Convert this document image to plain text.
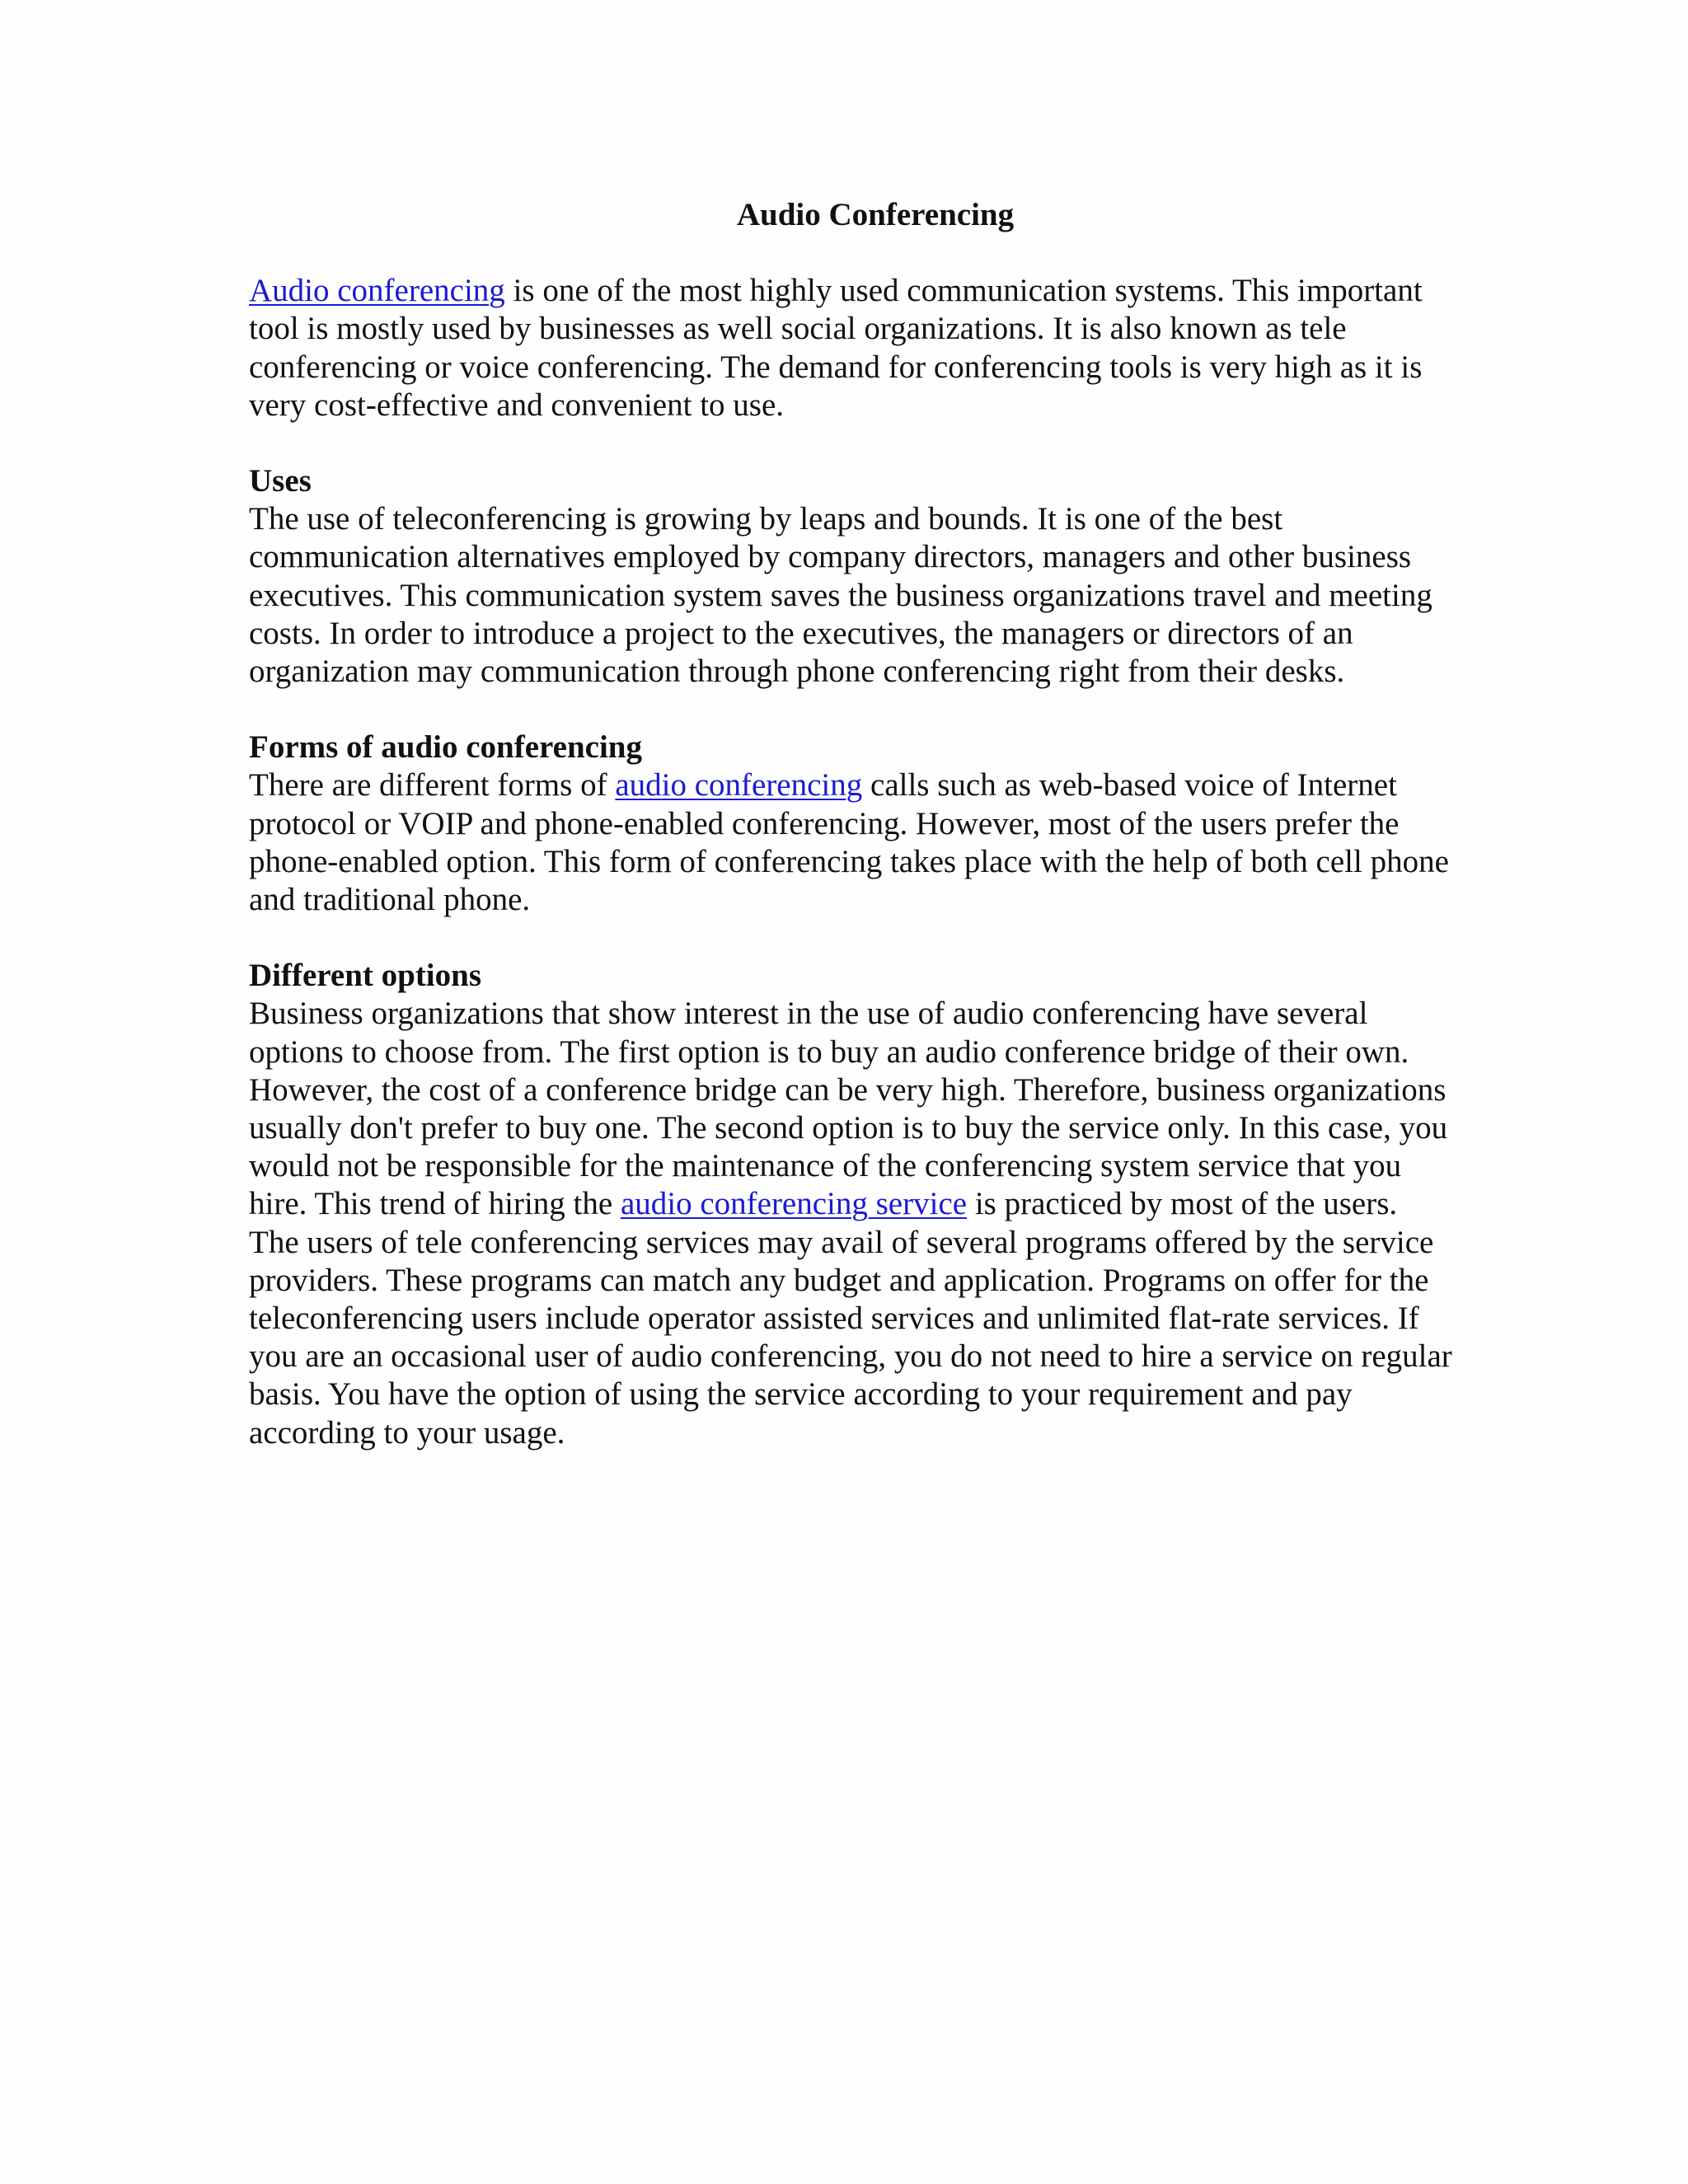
Audio Conferencing

Audio conferencing is one of the most highly used communication systems. This important tool is mostly used by businesses as well social organizations. It is also known as tele conferencing or voice conferencing. The demand for conferencing tools is very high as it is very cost-effective and convenient to use.

Uses

The use of teleconferencing is growing by leaps and bounds. It is one of the best communication alternatives employed by company directors, managers and other business executives. This communication system saves the business organizations travel and meeting costs. In order to introduce a project to the executives, the managers or directors of an organization may communication through phone conferencing right from their desks.

Forms of audio conferencing

There are different forms of audio conferencing calls such as web-based voice of Internet protocol or VOIP and phone-enabled conferencing. However, most of the users prefer the phone-enabled option. This form of conferencing takes place with the help of both cell phone and traditional phone.

Different options

Business organizations that show interest in the use of audio conferencing have several options to choose from. The first option is to buy an audio conference bridge of their own. However, the cost of a conference bridge can be very high. Therefore, business organizations usually don't prefer to buy one. The second option is to buy the service only. In this case, you would not be responsible for the maintenance of the conferencing system service that you hire. This trend of hiring the audio conferencing service is practiced by most of the users.

The users of tele conferencing services may avail of several programs offered by the service providers. These programs can match any budget and application. Programs on offer for the teleconferencing users include operator assisted services and unlimited flat-rate services. If you are an occasional user of audio conferencing, you do not need to hire a service on regular basis. You have the option of using the service according to your requirement and pay according to your usage.
